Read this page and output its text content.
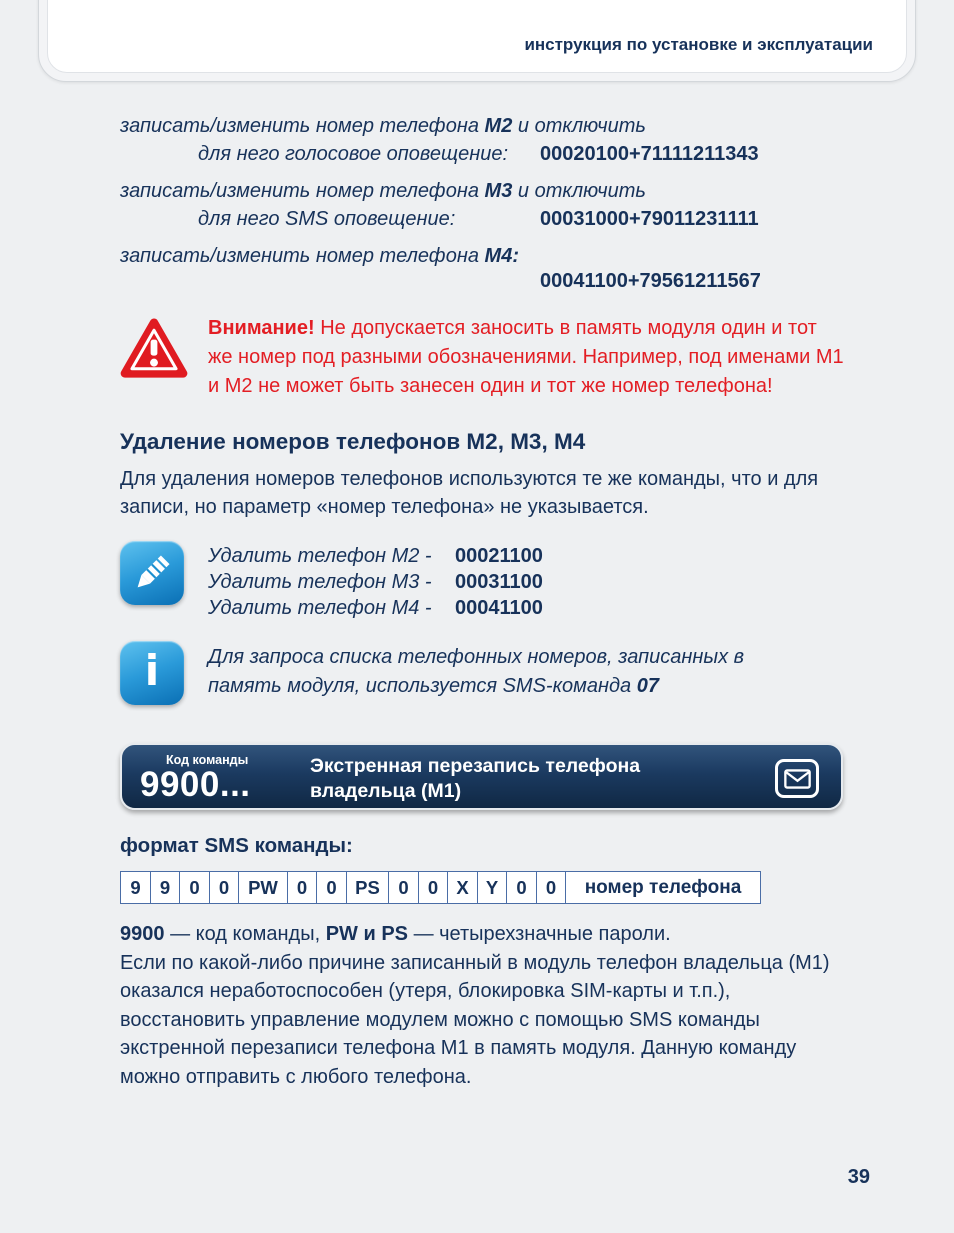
инструкция по установке и эксплуатации
записать/изменить номер телефона М2 и отключить
для него голосовое оповещение: 00020100+71111211343
записать/изменить номер телефона М3 и отключить
для него SMS оповещение:	00031000+79011231111
записать/изменить номер телефона М4:
00041100+79561211567
Внимание! Не допускается заносить в память модуля один и тот же номер под разными обозначениями. Например, под именами М1 и М2 не может быть занесен один и тот же номер телефона!
Удаление номеров телефонов М2, М3, М4
Для удаления номеров телефонов используются те же команды, что и для записи, но параметр «номер телефона» не указывается.
Удалить телефон М2 - 00021100
Удалить телефон М3 - 00031100
Удалить телефон М4 - 00041100
i Для запроса списка телефонных номеров, записанных в память модуля, используется SMS-команда 07
Код команды
9900...	Экстренная перезапись телефона владельца (М1)
формат SMS команды:
9	9	0	0	PW	0	0	PS	0	0 X Y 0	0	номер телефона
9900 — код команды, PW и PS — четырехзначные пароли.
Если по какой-либо причине записанный в модуль телефон владельца (М1) оказался неработоспособен (утеря, блокировка SIM-карты и т.п.), восстановить управление модулем можно с помощью SMS команды экстренной перезаписи телефона М1 в память модуля. Данную команду можно отправить с любого телефона.
39
